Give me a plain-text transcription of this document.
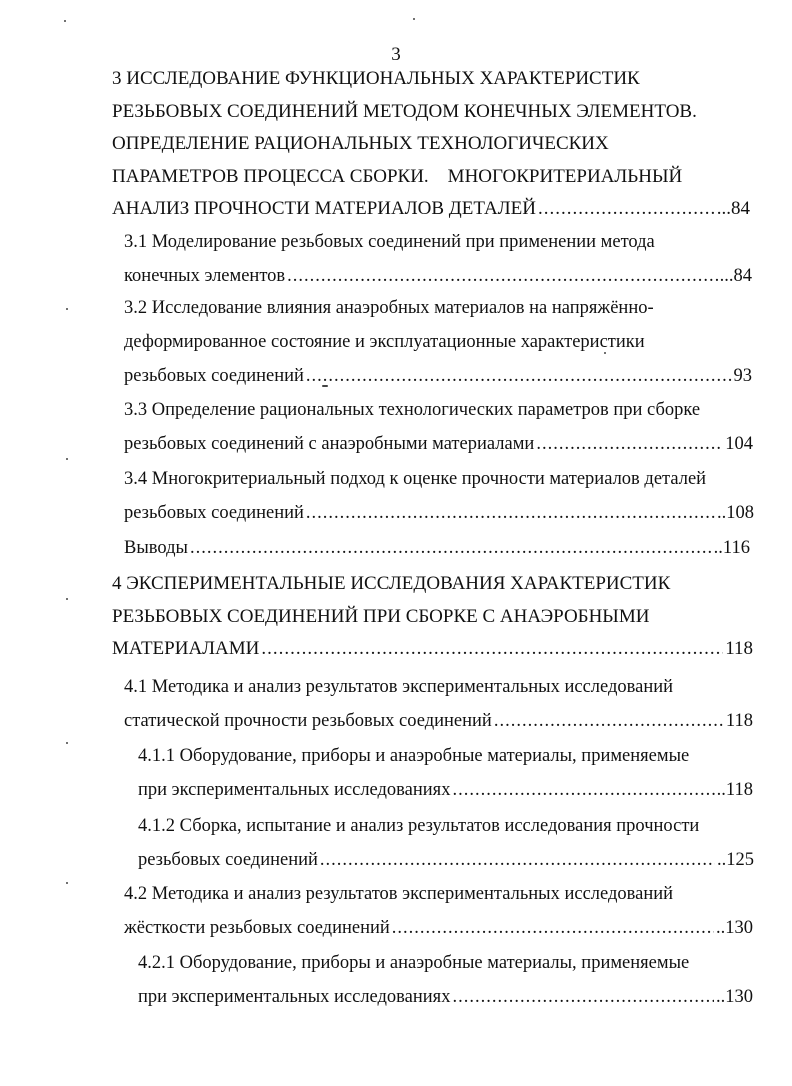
3
3 ИССЛЕДОВАНИЕ ФУНКЦИОНАЛЬНЫХ ХАРАКТЕРИСТИК
РЕЗЬБОВЫХ СОЕДИНЕНИЙ МЕТОДОМ КОНЕЧНЫХ ЭЛЕМЕНТОВ.
ОПРЕДЕЛЕНИЕ РАЦИОНАЛЬНЫХ ТЕХНОЛОГИЧЕСКИХ
ПАРАМЕТРОВ ПРОЦЕССА СБОРКИ.    МНОГОКРИТЕРИАЛЬНЫЙ
АНАЛИЗ ПРОЧНОСТИ МАТЕРИАЛОВ ДЕТАЛЕЙ .....	...84
3.1 Моделирование резьбовых соединений при применении метода
конечных элементов .....	...84
3.2 Исследование влияния анаэробных материалов на напряжённо-
деформированное состояние и эксплуатационные характеристики
резьбовых соединений .....	93
3.3 Определение рациональных технологических параметров при сборке
резьбовых соединений с анаэробными материалами .....	104
3.4 Многокритериальный подход к оценке прочности материалов деталей
резьбовых соединений .....	..108
Выводы .....	..116
4 ЭКСПЕРИМЕНТАЛЬНЫЕ ИССЛЕДОВАНИЯ ХАРАКТЕРИСТИК
РЕЗЬБОВЫХ СОЕДИНЕНИЙ ПРИ СБОРКЕ С АНАЭРОБНЫМИ
МАТЕРИАЛАМИ .....	118
4.1 Методика и анализ результатов экспериментальных исследований
статической прочности резьбовых соединений .....	118
4.1.1 Оборудование, приборы и анаэробные материалы, применяемые
при экспериментальных исследованиях .....	..118
4.1.2 Сборка, испытание и анализ результатов исследования прочности
резьбовых соединений .....	..125
4.2 Методика и анализ результатов экспериментальных исследований
жёсткости резьбовых соединений .....	..130
4.2.1 Оборудование, приборы и анаэробные материалы, применяемые
при экспериментальных исследованиях .....	..130
